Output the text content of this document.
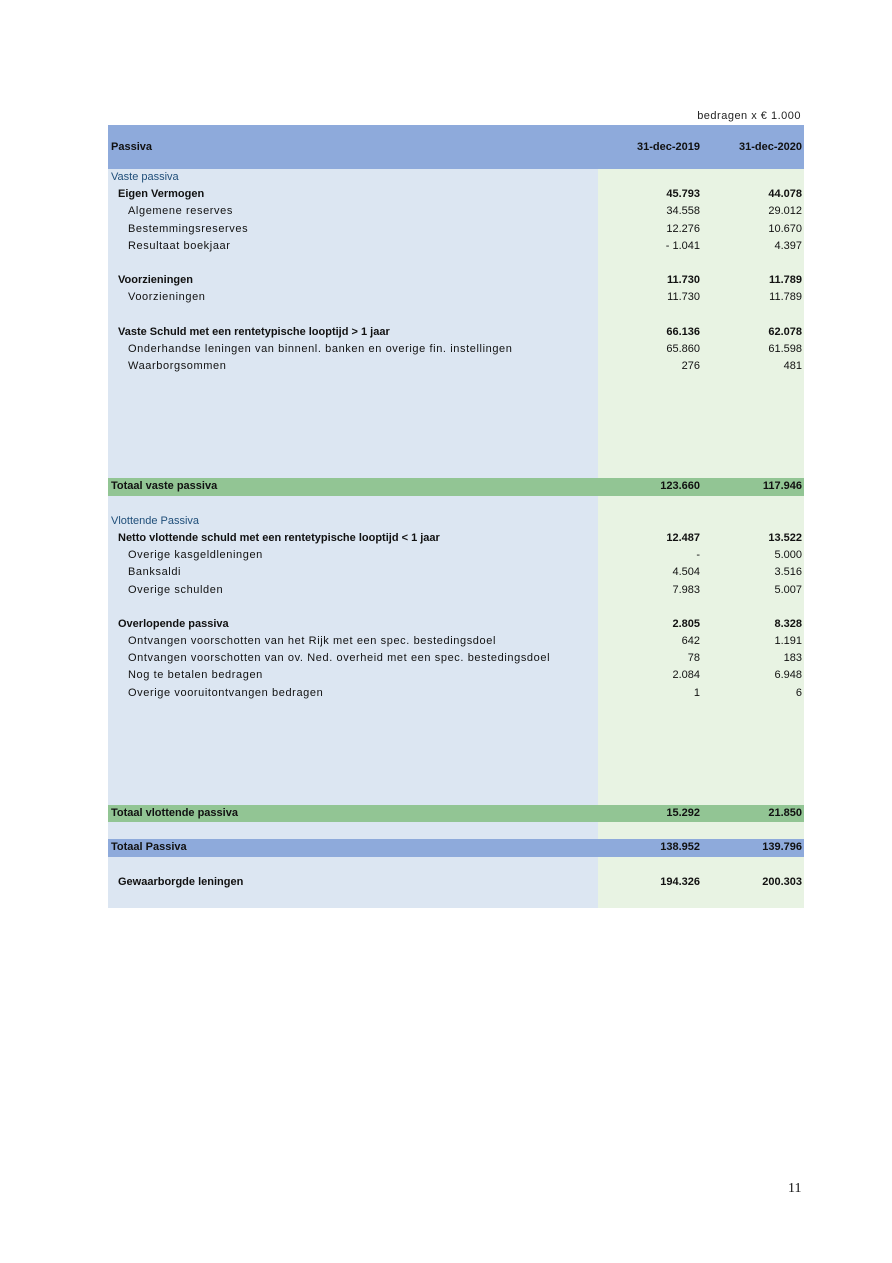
bedragen x € 1.000
Passiva	31-dec-2019	31-dec-2020
Vaste passiva
Eigen Vermogen	45.793	44.078
Algemene reserves	34.558	29.012
Bestemmingsreserves	12.276	10.670
Resultaat boekjaar	- 1.041	4.397
Voorzieningen	11.730	11.789
Voorzieningen	11.730	11.789
Vaste Schuld met een rentetypische looptijd > 1 jaar	66.136	62.078
Onderhandse leningen van binnenl. banken en overige fin. instellingen	65.860	61.598
Waarborgsommen	276	481
Totaal vaste passiva	123.660	117.946
Vlottende Passiva
Netto vlottende schuld met een rentetypische looptijd < 1 jaar	12.487	13.522
Overige kasgeldleningen	-	5.000
Banksaldi	4.504	3.516
Overige schulden	7.983	5.007
Overlopende passiva	2.805	8.328
Ontvangen voorschotten van het Rijk met een spec. bestedingsdoel	642	1.191
Ontvangen voorschotten van ov. Ned. overheid met een spec. bestedingsdoel	78	183
Nog te betalen bedragen	2.084	6.948
Overige vooruitontvangen bedragen	1	6
Totaal vlottende passiva	15.292	21.850
Totaal Passiva	138.952	139.796
Gewaarborgde leningen	194.326	200.303
11
